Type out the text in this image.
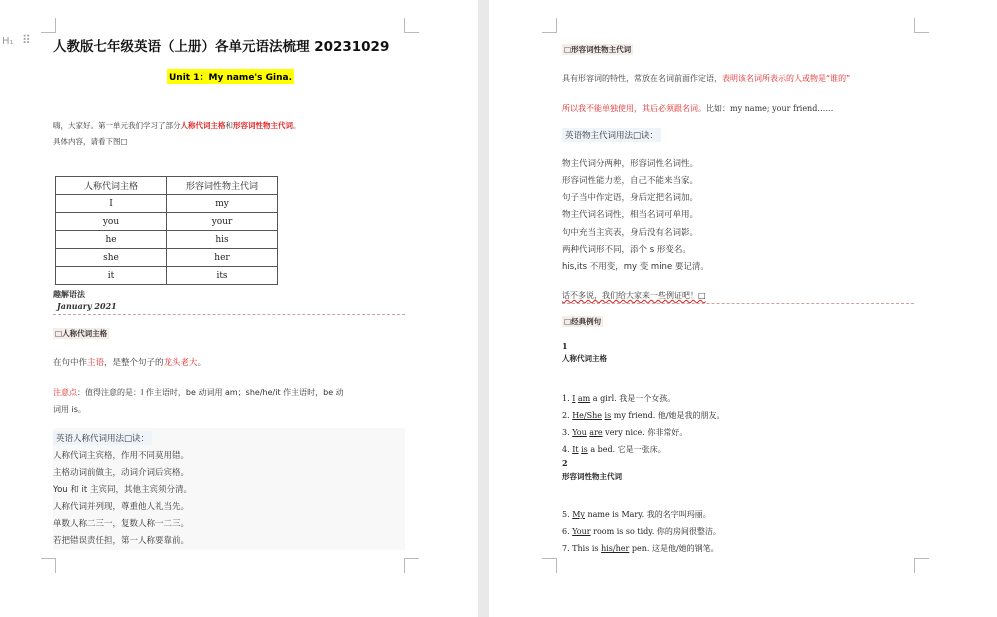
H₁ ⠿ 人教版七年级英语（上册）各单元语法梳理 20231029
Unit 1：My name's Gina.
嗨，大家好。第一单元我们学习了部分人称代词主格和形容词性物主代词。
具体内容，请看下图□
人称代词主格	形容词性物主代词
I	my
you	your
he	his
she	her
it	its
趣解语法
January 2021
□人称代词主格
在句中作主语，是整个句子的龙头老大。
注意点：值得注意的是：I 作主语时，be 动词用 am；she/he/it 作主语时，be 动
词用 is。
英语人称代词用法□诀：
人称代词主宾格，作用不同莫用错。
主格动词前做主，动词介词后宾格。
You 和 it 主宾同，其他主宾须分清。
人称代词并列现，尊重他人礼当先。
单数人称二三一，复数人称一二三。
若把错误责任担，第一人称要靠前。
□形容词性物主代词
具有形容词的特性，常放在名词前面作定语，表明该名词所表示的人或物是“谁的”
所以我不能单独使用，其后必须跟名词。比如：my name; your friend……
英语物主代词用法□诀：
物主代词分两种，形容词性名词性。
形容词性能力差，自己不能来当家。
句子当中作定语，身后定把名词加。
物主代词名词性，相当名词可单用。
句中充当主宾表，身后没有名词影。
两种代词形不同，添个 s 形变名。
his,its 不用变，my 变 mine 要记清。
话不多说，我们给大家来一些例证吧！□
□经典例句
1
人称代词主格
1. I am a girl. 我是一个女孩。
2. He/She is my friend. 他/她是我的朋友。
3. You are very nice. 你非常好。
4. It is a bed. 它是一张床。
2
形容词性物主代词
5. My name is Mary. 我的名字叫玛丽。
6. Your room is so tidy. 你的房间很整洁。
7. This is his/her pen. 这是他/她的钢笔。
